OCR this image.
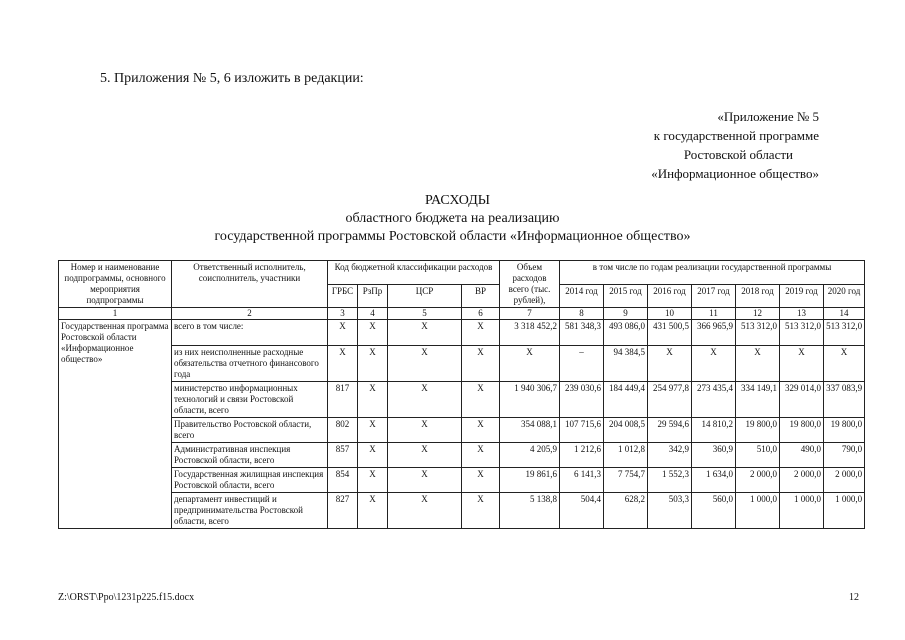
5. Приложения № 5, 6 изложить в редакции:
«Приложение № 5
к государственной программе
Ростовской области
«Информационное общество»
РАСХОДЫ
областного бюджета на реализацию
государственной программы Ростовской области «Информационное общество»
Номер и наименование подпрограммы, основного мероприятия подпрограммы	Ответственный исполнитель, соисполнитель, участники	Код бюджетной классификации расходов				Объем расходов всего (тыс. рублей),	в том числе по годам реализации государственной программы						
		ГРБС	РзПр	ЦСР	ВР		2014 год	2015 год	2016 год	2017 год	2018 год	2019 год	2020 год
1	2	3	4	5	6	7	8	9	10	11	12	13	14
Государственная программа Ростовской области «Информационное общество»	всего в том числе:	Х	Х	Х	Х	3 318 452,2	581 348,3	493 086,0	431 500,5	366 965,9	513 312,0	513 312,0	513 312,0
	из них неисполненные расходные обязательства отчетного финансового года	Х	Х	Х	Х	Х	–	94 384,5	Х	Х	Х	Х	Х
	министерство информационных технологий и связи Ростовской области, всего	817	Х	Х	Х	1 940 306,7	239 030,6	184 449,4	254 977,8	273 435,4	334 149,1	329 014,0	337 083,9
	Правительство Ростовской области, всего	802	Х	Х	Х	354 088,1	107 715,6	204 008,5	29 594,6	14 810,2	19 800,0	19 800,0	19 800,0
	Административная инспекция Ростовской области, всего	857	Х	Х	Х	4 205,9	1 212,6	1 012,8	342,9	360,9	510,0	490,0	790,0
	Государственная жилищная инспекция Ростовской области, всего	854	Х	Х	Х	19 861,6	6 141,3	7 754,7	1 552,3	1 634,0	2 000,0	2 000,0	2 000,0
	департамент инвестиций и предпринимательства Ростовской области, всего	827	Х	Х	Х	5 138,8	504,4	628,2	503,3	560,0	1 000,0	1 000,0	1 000,0
Z:\ORST\Ppo\1231p225.f15.docx	12
